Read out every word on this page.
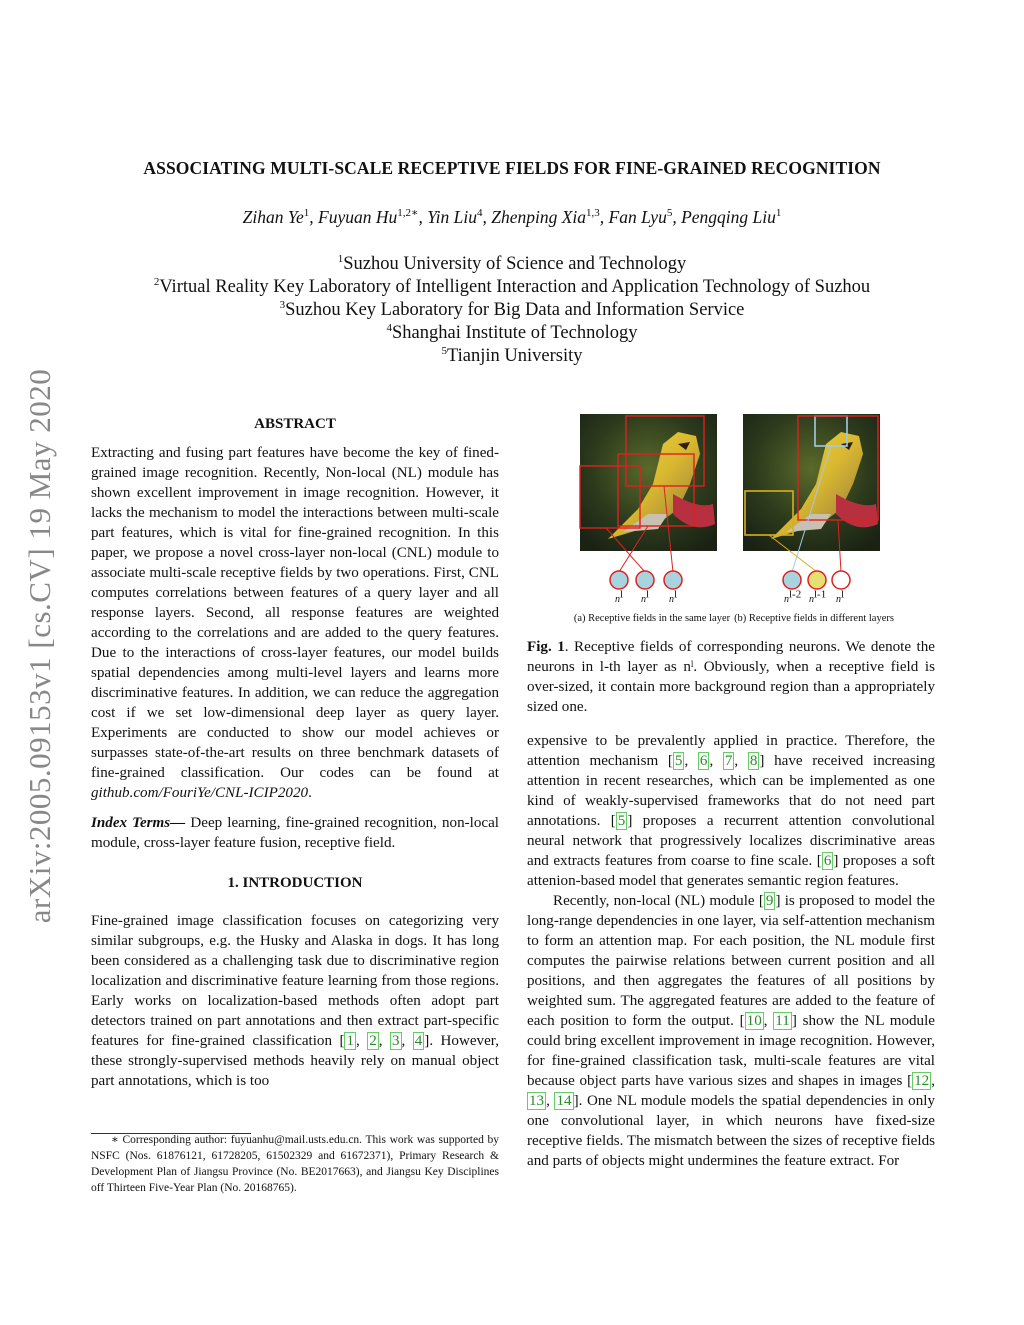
arXiv:2005.09153v1 [cs.CV] 19 May 2020
ASSOCIATING MULTI-SCALE RECEPTIVE FIELDS FOR FINE-GRAINED RECOGNITION
Zihan Ye$^1$, Fuyuan $Hu^{1,2∗}$, Yin Liu$^4$, Zhenping Xia$^{1,3}$, Fan Lyu$^5$, Pengqing Liu$^1$
$^1$Suzhou University of Science and Technology
$^2$Virtual Reality Key Laboratory of Intelligent Interaction and Application Technology of Suzhou
$^3$Suzhou Key Laboratory for Big Data and Information Service
$^4$Shanghai Institute of Technology
$^5$Tianjin University
ABSTRACT

Extracting and fusing part features have become the key of fined-grained image recognition. Recently, Non-local (NL) module has shown excellent improvement in image recognition. However, it lacks the mechanism to model the interactions between multi-scale part features, which is vital for fine-grained recognition. In this paper, we propose a novel cross-layer non-local (CNL) module to associate multi-scale receptive fields by two operations. First, CNL computes correlations between features of a query layer and all response layers. Second, all response features are weighted according to the correlations and are added to the query features. Due to the interactions of cross-layer features, our model builds spatial dependencies among multi-level layers and learns more discriminative features. In addition, we can reduce the aggregation cost if we set low-dimensional deep layer as query layer. Experiments are conducted to show our model achieves or surpasses state-of-the-art results on three benchmark datasets of fine-grained classification. Our codes can be found at github.com/FouriYe/CNL-ICIP2020.

Index Terms— Deep learning, fine-grained recognition, non-local module, cross-layer feature fusion, receptive field.

1. INTRODUCTION

Fine-grained image classification focuses on categorizing very similar subgroups, e.g. the Husky and Alaska in dogs. It has long been considered as a challenging task due to discriminative region localization and discriminative feature learning from those regions. Early works on localization-based methods often adopt part detectors trained on part annotations and then extract part-specific features for fine-grained classification [ 1 , 2 , 3 , 4 ]. However, these strongly-supervised methods heavily rely on manual object part annotations, which is too

∗ Corresponding author: fuyuanhu@mail.usts.edu.cn. This work was supported by NSFC (Nos. 61876121, 61728205, 61502329 and 61672371), Primary Research & Development Plan of Jiangsu Province (No. BE2017663), and Jiangsu Key Disciplines off Thirteen Five-Year Plan (No. 20168765).
$n^l$ $n^l$ $n^l$	$n^{l-2}$ $n^{l-1}$ $n^l$
(a) Receptive fields in the same layer (b) Receptive fields in different layers
Fig. 1. Receptive fields of corresponding neurons. We denote the neurons in l-th layer as nˡ. Obviously, when a receptive field is over-sized, it contain more background region than a appropriately sized one.

expensive to be prevalently applied in practice. Therefore, the attention mechanism [ 5 , 6 , 7 , 8 ] have received increasing attention in recent researches, which can be implemented as one kind of weakly-supervised frameworks that do not need part annotations. [ 5 ] proposes a recurrent attention convolutional neural network that progressively localizes discriminative areas and extracts features from coarse to fine scale. [ 6 ] proposes a soft attenion-based model that generates semantic region features.

Recently, non-local (NL) module [ 9 ] is proposed to model the long-range dependencies in one layer, via self-attention mechanism to form an attention map. For each position, the NL module first computes the pairwise relations between current position and all positions, and then aggregates the features of all positions by weighted sum. The aggregated features are added to the feature of each position to form the output. [ 10 , 11 ] show the NL module could bring excellent improvement in image recognition. However, for fine-grained classification task, multi-scale features are vital because object parts have various sizes and shapes in images [ 12 , 13 , 14 ]. One NL module models the spatial dependencies in only one convolutional layer, in which neurons have fixed-size receptive fields. The mismatch between the sizes of receptive fields and parts of objects might undermines the feature extract. For
